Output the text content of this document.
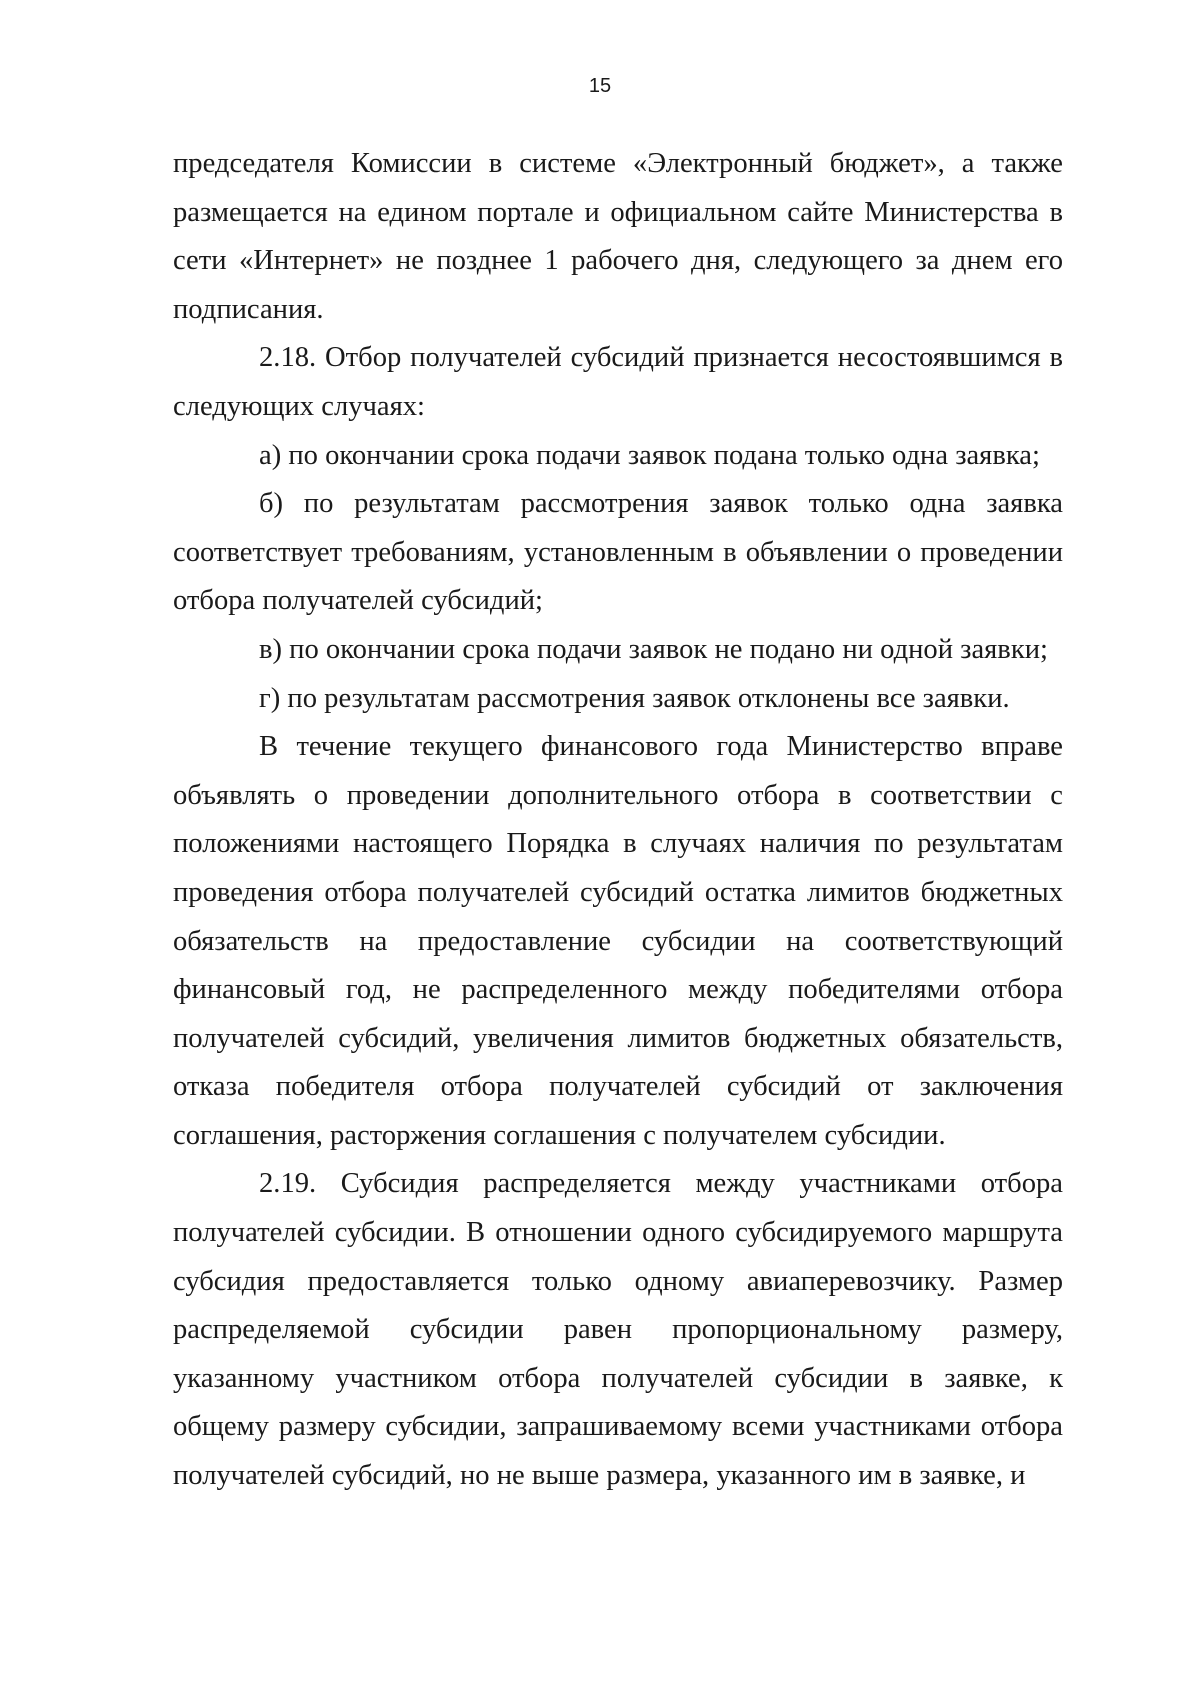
15

председателя Комиссии в системе «Электронный бюджет», а также размещается на едином портале и официальном сайте Министерства в сети «Интернет» не позднее 1 рабочего дня, следующего за днем его подписания.

2.18. Отбор получателей субсидий признается несостоявшимся в следующих случаях:

а) по окончании срока подачи заявок подана только одна заявка;

б) по результатам рассмотрения заявок только одна заявка соответствует требованиям, установленным в объявлении о проведении отбора получателей субсидий;

в) по окончании срока подачи заявок не подано ни одной заявки;

г) по результатам рассмотрения заявок отклонены все заявки.

В течение текущего финансового года Министерство вправе объявлять о проведении дополнительного отбора в соответствии с положениями настоящего Порядка в случаях наличия по результатам проведения отбора получателей субсидий остатка лимитов бюджетных обязательств на предоставление субсидии на соответствующий финансовый год, не распределенного между победителями отбора получателей субсидий, увеличения лимитов бюджетных обязательств, отказа победителя отбора получателей субсидий от заключения соглашения, расторжения соглашения с получателем субсидии.

2.19. Субсидия распределяется между участниками отбора получателей субсидии. В отношении одного субсидируемого маршрута субсидия предоставляется только одному авиаперевозчику. Размер распределяемой субсидии равен пропорциональному размеру, указанному участником отбора получателей субсидии в заявке, к общему размеру субсидии, запрашиваемому всеми участниками отбора получателей субсидий, но не выше размера, указанного им в заявке, и
